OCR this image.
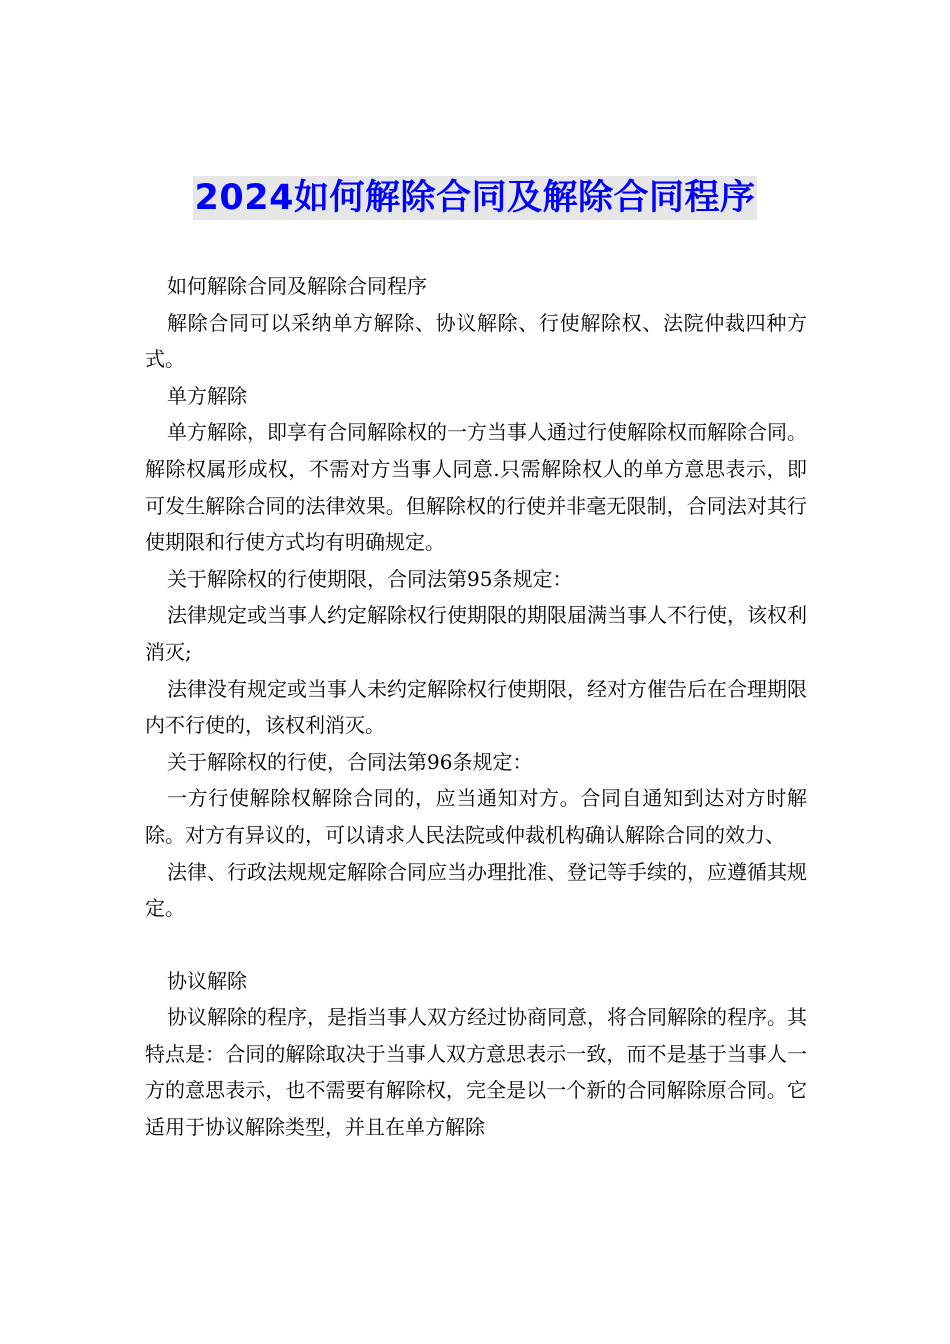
2024如何解除合同及解除合同程序

如何解除合同及解除合同程序

解除合同可以采纳单方解除、协议解除、行使解除权、法院仲裁四种方式。

单方解除

单方解除，即享有合同解除权的一方当事人通过行使解除权而解除合同。解除权属形成权，不需对方当事人同意.只需解除权人的单方意思表示，即可发生解除合同的法律效果。但解除权的行使并非毫无限制，合同法对其行使期限和行使方式均有明确规定。

关于解除权的行使期限，合同法第95条规定：

法律规定或当事人约定解除权行使期限的期限届满当事人不行使，该权利消灭;

法律没有规定或当事人未约定解除权行使期限，经对方催告后在合理期限内不行使的，该权利消灭。

关于解除权的行使，合同法第96条规定：

一方行使解除权解除合同的，应当通知对方。合同自通知到达对方时解除。对方有异议的，可以请求人民法院或仲裁机构确认解除合同的效力、

法律、行政法规规定解除合同应当办理批准、登记等手续的，应遵循其规定。

协议解除

协议解除的程序，是指当事人双方经过协商同意，将合同解除的程序。其特点是：合同的解除取决于当事人双方意思表示一致，而不是基于当事人一方的意思表示，也不需要有解除权，完全是以一个新的合同解除原合同。它适用于协议解除类型，并且在单方解除
